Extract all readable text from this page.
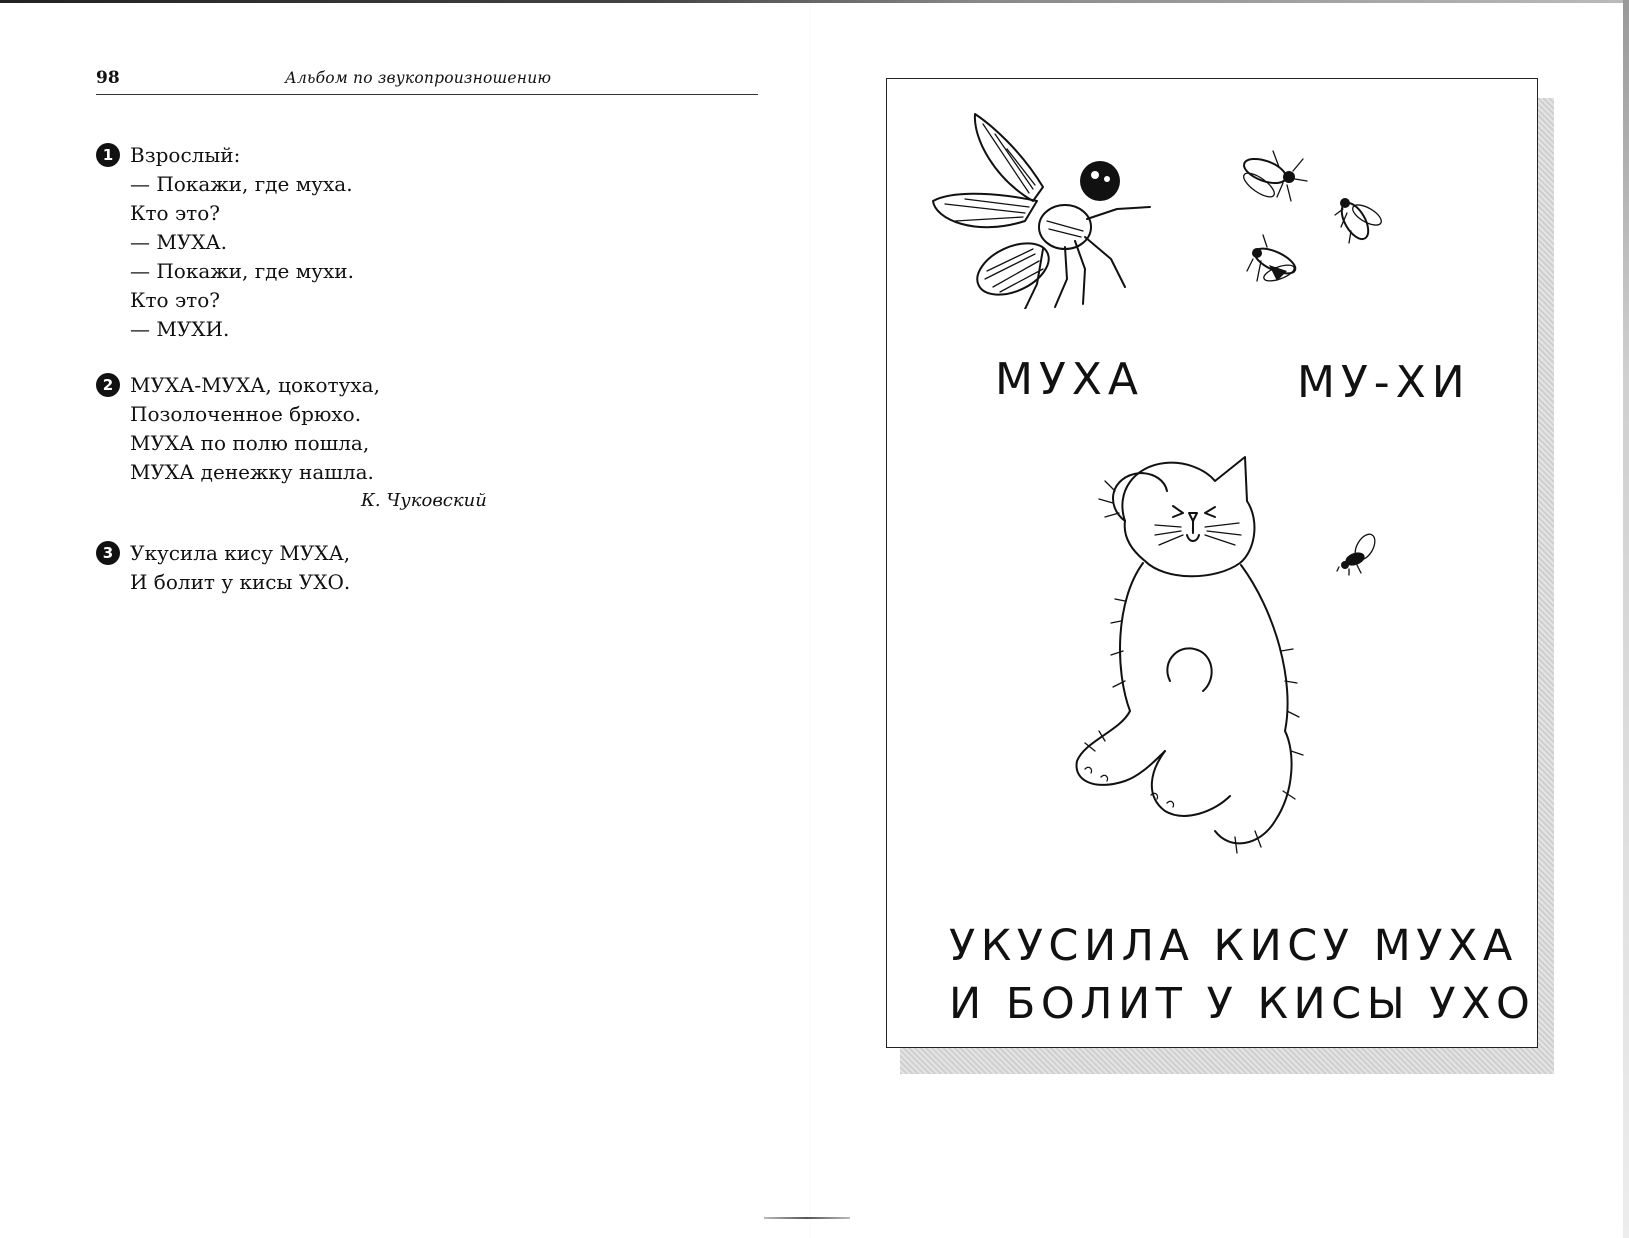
98	Альбом по звукопроизношению
1 Взрослый:
— Покажи, где муха.
Кто это?
— МУХА.
— Покажи, где мухи.
Кто это?
— МУХИ.
2 МУХА-МУХА, цокотуха,
Позолоченное брюхо.
МУХА по полю пошла,
МУХА денежку нашла.
К. Чуковский
3 Укусила кису МУХА,
И болит у кисы УХО.
МУХА	МУ-ХИ
УКУСИЛА КИСУ МУХА
И БОЛИТ У КИСЫ УХО
